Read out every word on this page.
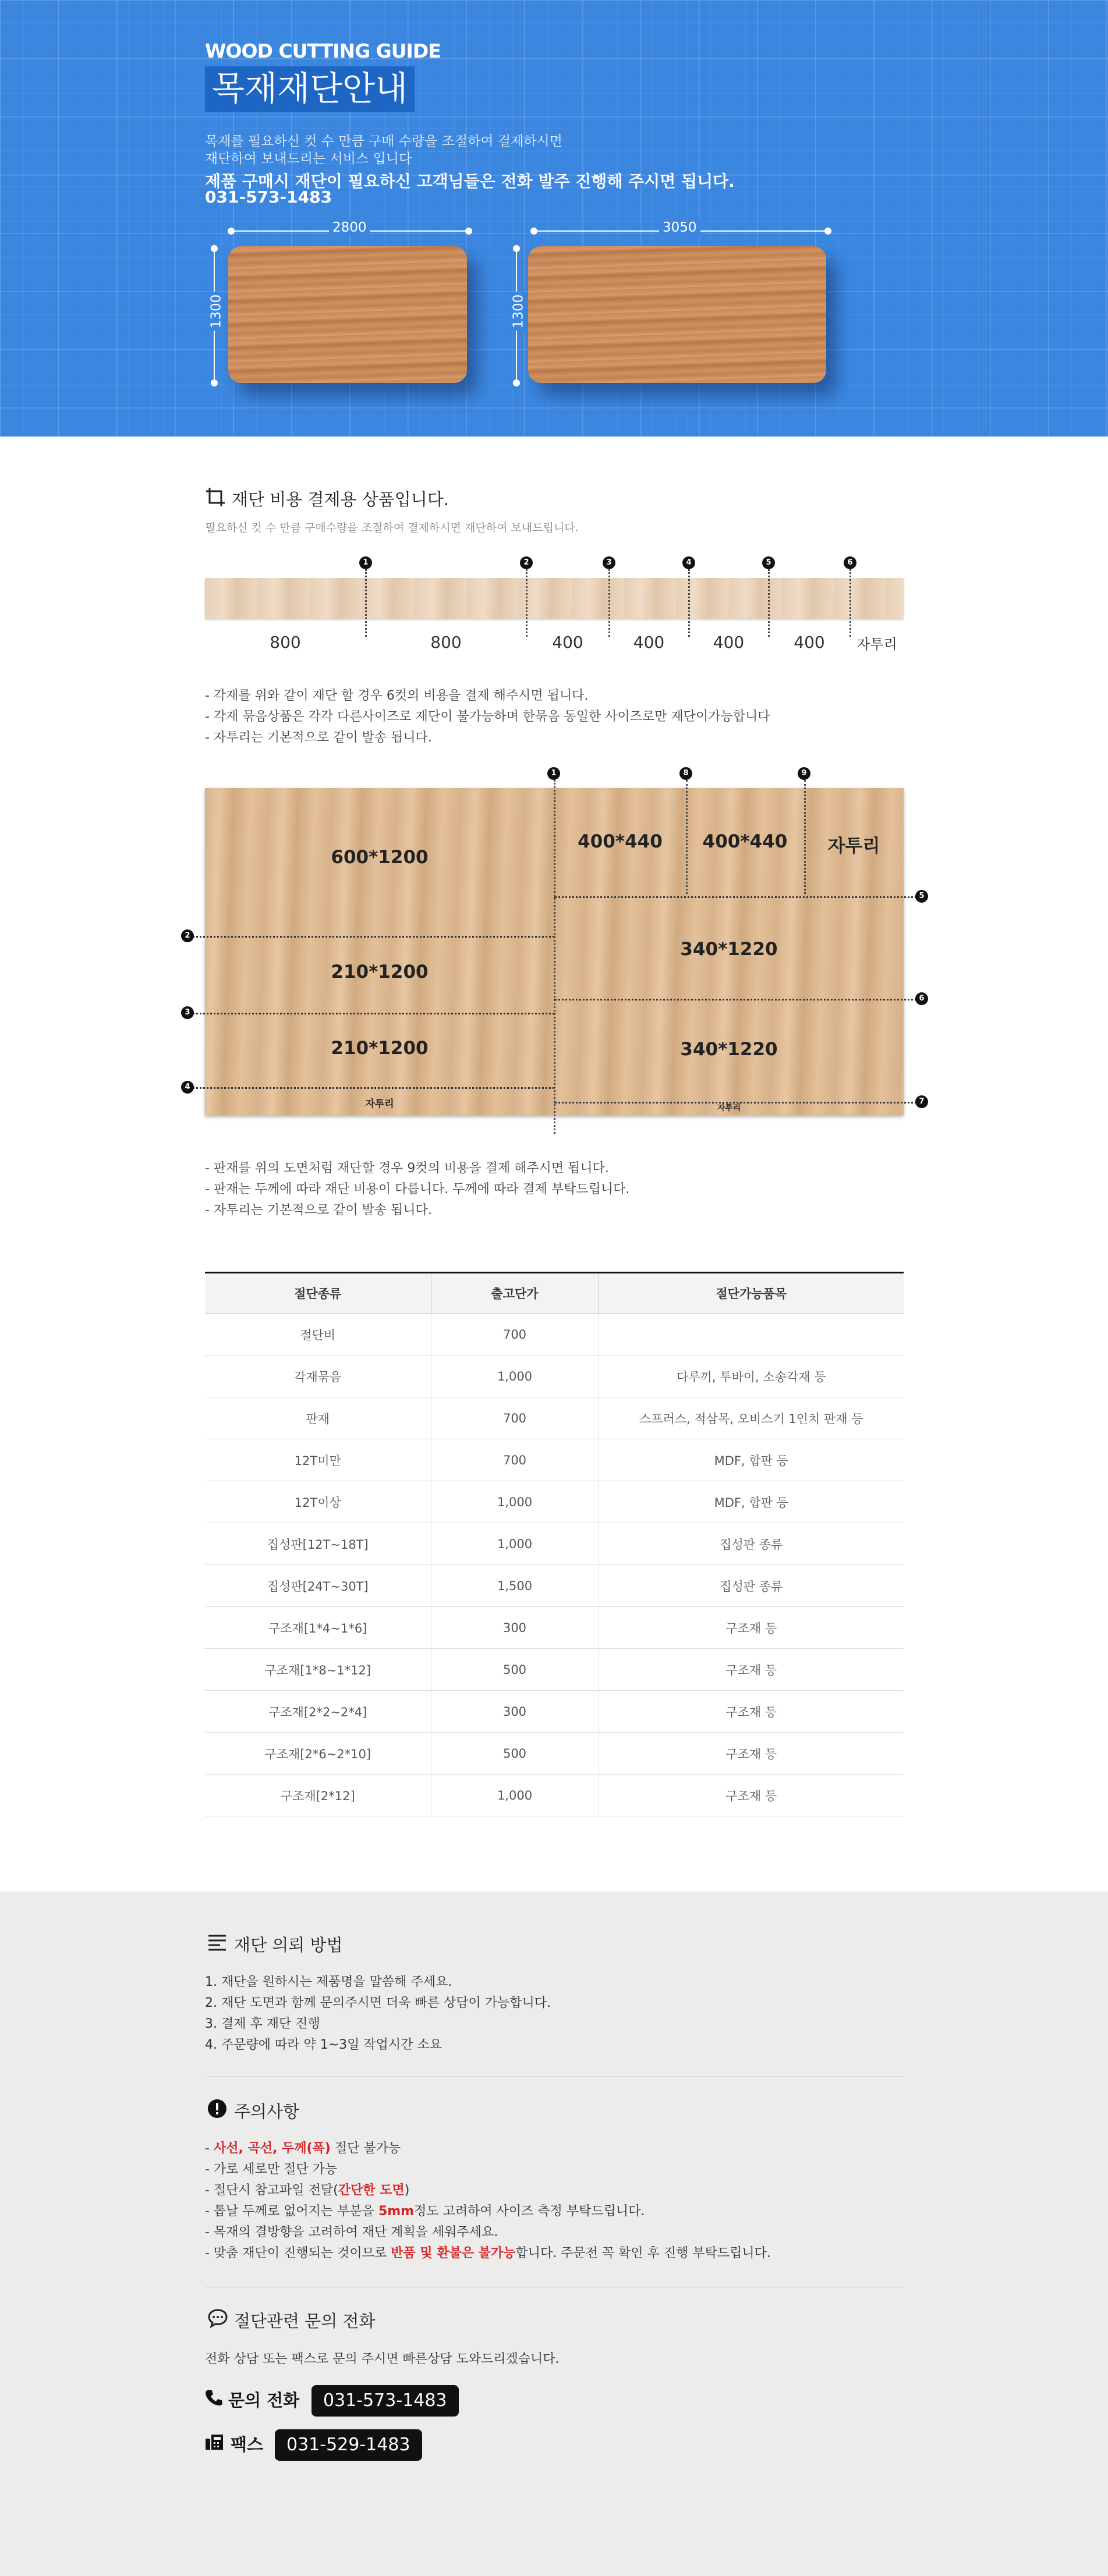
WOOD CUTTING GUIDE
목재재단안내
목재를 필요하신 컷 수 만큼 구매 수량을 조절하여 결제하시면
재단하여 보내드리는 서비스 입니다
제품 구매시 재단이 필요하신 고객님들은 전화 발주 진행해 주시면 됩니다.
031-573-1483
2800
1300
3050
1300
재단 비용 결제용 상품입니다.
필요하신 컷 수 만큼 구매수량을 조절하여 결제하시면 재단하여 보내드립니다.
1	2	3	4	5	6
800	800	400	400	400	400	자투리
- 각재를 위와 같이 재단 할 경우 6컷의 비용을 결제 해주시면 됩니다.
- 각재 묶음상품은 각각 다른사이즈로 재단이 불가능하며 한묶음 동일한 사이즈로만 재단이가능합니다
- 자투리는 기본적으로 같이 발송 됩니다.
1
2
3
4
5
6
7
8	9
600*1200
210*1200
210*1200
자투리
400*440	400*440	자투리
340*1220
340*1220
자투리
- 판재를 위의 도면처럼 재단할 경우 9컷의 비용을 결제 해주시면 됩니다.
- 판재는 두께에 따라 재단 비용이 다릅니다. 두께에 따라 결제 부탁드립니다.
- 자투리는 기본적으로 같이 발송 됩니다.
절단종류	출고단가	절단가능품목
절단비	700	
각재묶음	1,000	다루끼, 투바이, 소송각재 등
판재	700	스프러스, 적삼목, 오비스기 1인치 판재 등
12T미만	700	MDF, 합판 등
12T이상	1,000	MDF, 합판 등
집성판[12T~18T]	1,000	집성판 종류
집성판[24T~30T]	1,500	집성판 종류
구조재[1*4~1*6]	300	구조재 등
구조재[1*8~1*12]	500	구조재 등
구조재[2*2~2*4]	300	구조재 등
구조재[2*6~2*10]	500	구조재 등
구조재[2*12]	1,000	구조재 등
재단 의뢰 방법
1. 재단을 원하시는 제품명을 말씀해 주세요.
2. 재단 도면과 함께 문의주시면 더욱 빠른 상담이 가능합니다.
3. 결제 후 재단 진행
4. 주문량에 따라 약 1~3일 작업시간 소요
주의사항
- 사선, 곡선, 두께(폭) 절단 불가능
- 가로 세로만 절단 가능
- 절단시 참고파일 전달(간단한 도면)
- 톱날 두께로 없어지는 부분을 5mm정도 고려하여 사이즈 측정 부탁드립니다.
- 목재의 결방향을 고려하여 재단 계획을 세워주세요.
- 맞춤 재단이 진행되는 것이므로 반품 및 환불은 불가능합니다. 주문전 꼭 확인 후 진행 부탁드립니다.
절단관련 문의 전화
전화 상담 또는 팩스로 문의 주시면 빠른상담 도와드리겠습니다.
문의 전화	031-573-1483
팩스	031-529-1483
